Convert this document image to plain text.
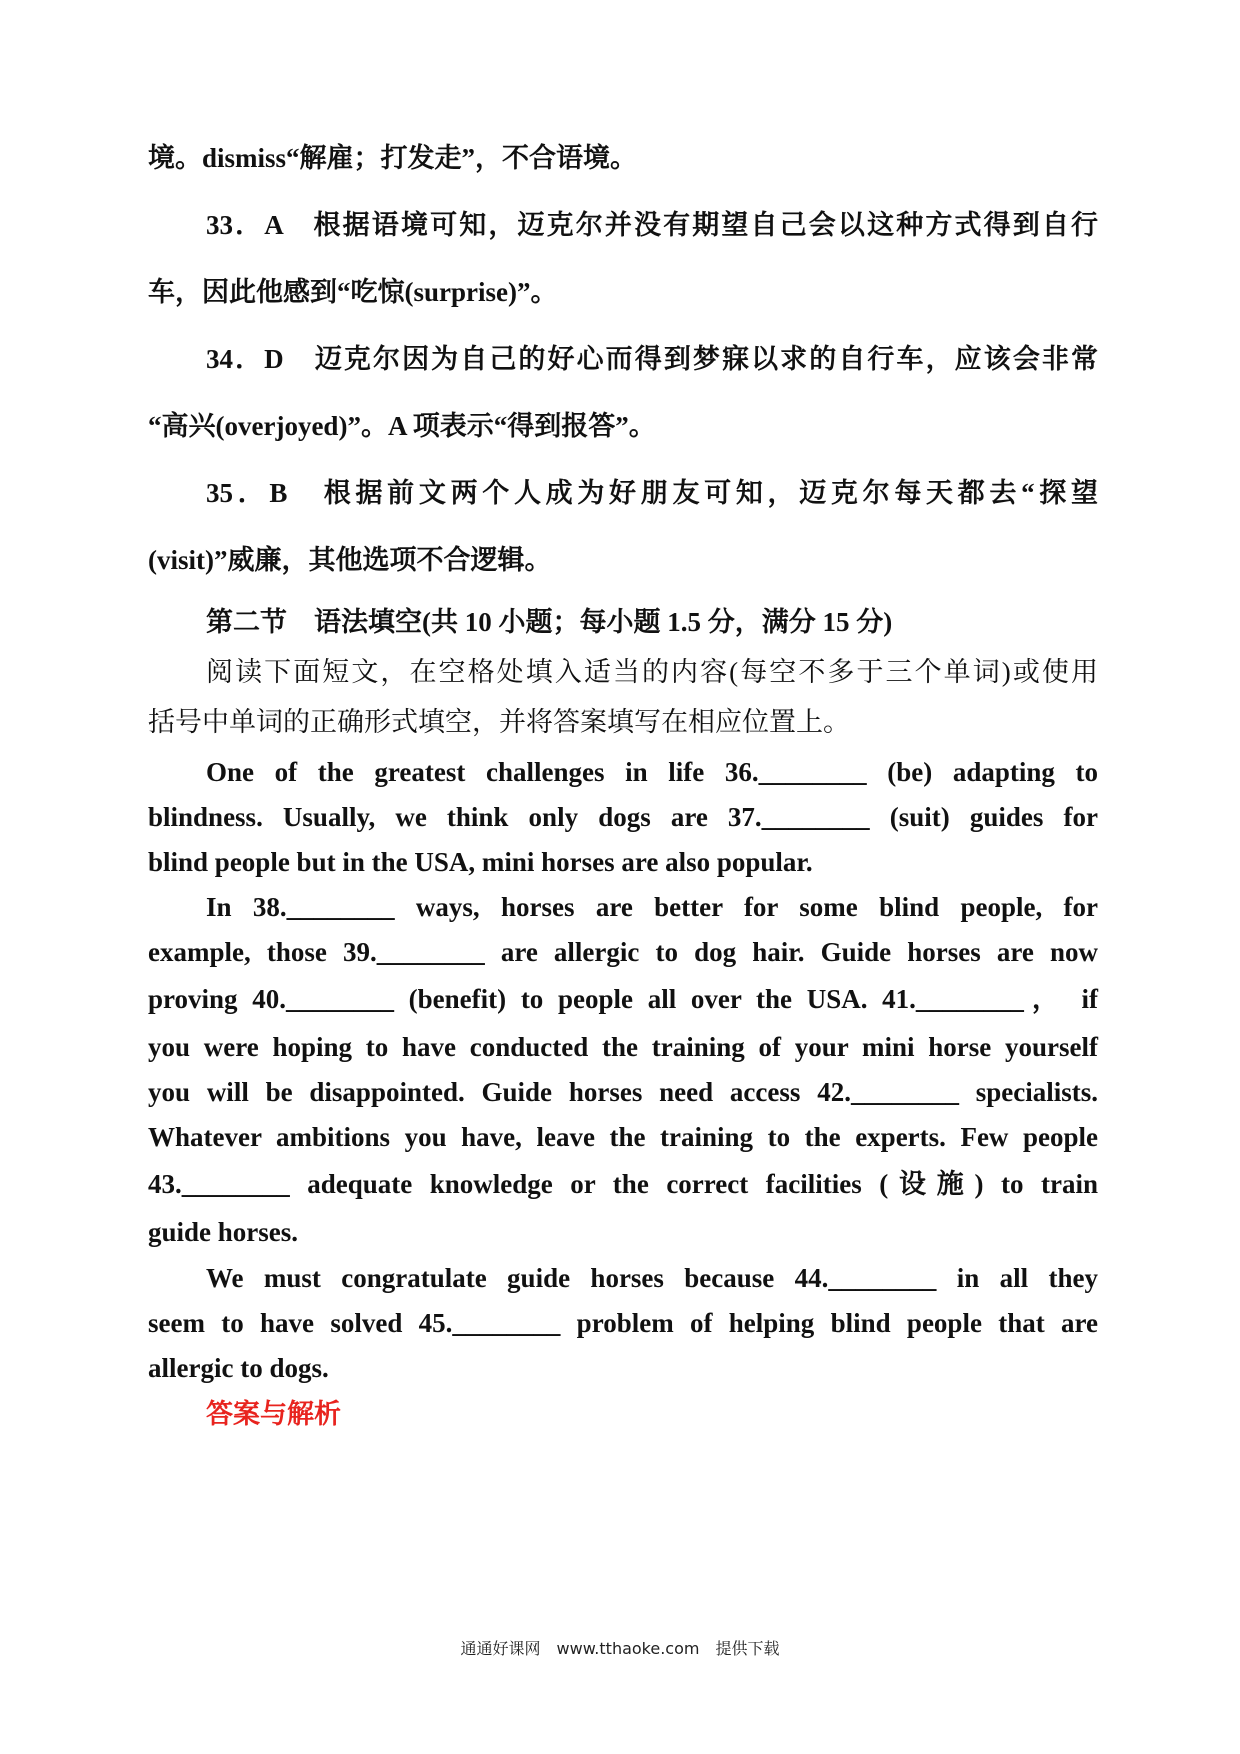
境。dismiss“解雇；打发走”，不合语境。
33．A　根据语境可知，迈克尔并没有期望自己会以这种方式得到自行
车，因此他感到“吃惊(surprise)”。
34．D　迈克尔因为自己的好心而得到梦寐以求的自行车，应该会非常
“高兴(overjoyed)”。A 项表示“得到报答”。
35．B　根据前文两个人成为好朋友可知，迈克尔每天都去“探望
(visit)”威廉，其他选项不合逻辑。
第二节　语法填空(共 10 小题；每小题 1.5 分，满分 15 分)
阅读下面短文，在空格处填入适当的内容(每空不多于三个单词)或使用
括号中单词的正确形式填空，并将答案填写在相应位置上。
One of the greatest challenges in life 36.________ (be) adapting to
blindness. Usually, we think only dogs are 37.________ (suit) guides for
blind people but in the USA, mini horses are also popular.
In 38.________ ways, horses are better for some blind people, for
example, those 39.________ are allergic to dog hair. Guide horses are now
proving 40.________ (benefit) to people all over the USA. 41.________， if
you were hoping to have conducted the training of your mini horse yourself
you will be disappointed. Guide horses need access 42.________ specialists.
Whatever ambitions you have, leave the training to the experts. Few people
43.________ adequate knowledge or the correct facilities (设施) to train
guide horses.
We must congratulate guide horses because 44.________ in all they
seem to have solved 45.________ problem of helping blind people that are
allergic to dogs.
答案与解析
通通好课网　www.tthaoke.com　提供下载
